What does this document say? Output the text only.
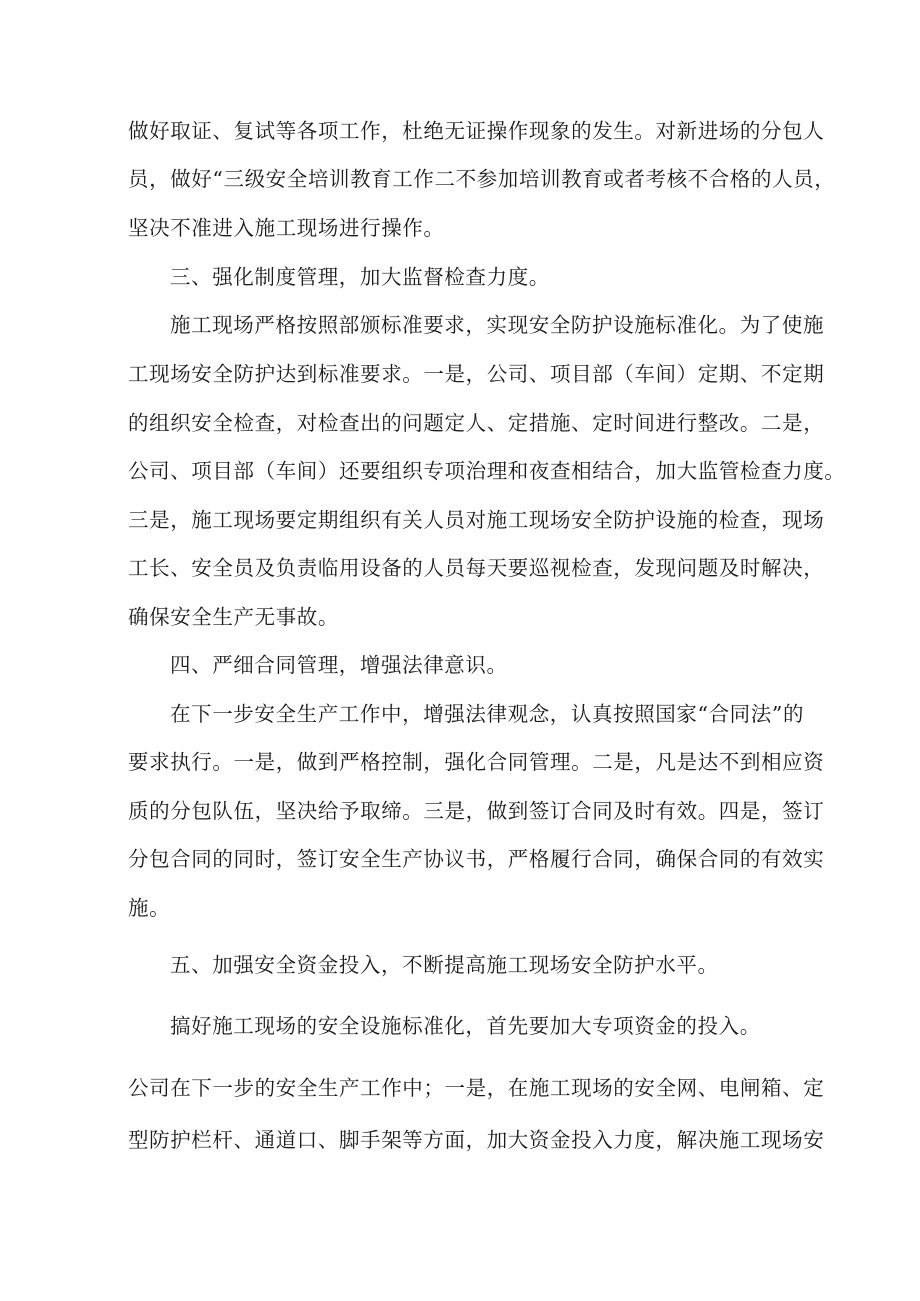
做好取证、复试等各项工作，杜绝无证操作现象的发生。对新进场的分包人
员，做好“三级安全培训教育工作二不参加培训教育或者考核不合格的人员，
坚决不准进入施工现场进行操作。
三、强化制度管理，加大监督检查力度。
施工现场严格按照部颁标准要求，实现安全防护设施标准化。为了使施
工现场安全防护达到标准要求。一是，公司、项目部（车间）定期、不定期
的组织安全检查，对检查出的问题定人、定措施、定时间进行整改。二是，
公司、项目部（车间）还要组织专项治理和夜查相结合，加大监管检查力度。
三是，施工现场要定期组织有关人员对施工现场安全防护设施的检查，现场
工长、安全员及负责临用设备的人员每天要巡视检查，发现问题及时解决，
确保安全生产无事故。
四、严细合同管理，增强法律意识。
在下一步安全生产工作中，增强法律观念，认真按照国家“合同法”的
要求执行。一是，做到严格控制，强化合同管理。二是，凡是达不到相应资
质的分包队伍，坚决给予取缔。三是，做到签订合同及时有效。四是，签订
分包合同的同时，签订安全生产协议书，严格履行合同，确保合同的有效实
施。
五、加强安全资金投入，不断提高施工现场安全防护水平。
搞好施工现场的安全设施标准化，首先要加大专项资金的投入。
公司在下一步的安全生产工作中；一是，在施工现场的安全网、电闸箱、定
型防护栏杆、通道口、脚手架等方面，加大资金投入力度，解决施工现场安
